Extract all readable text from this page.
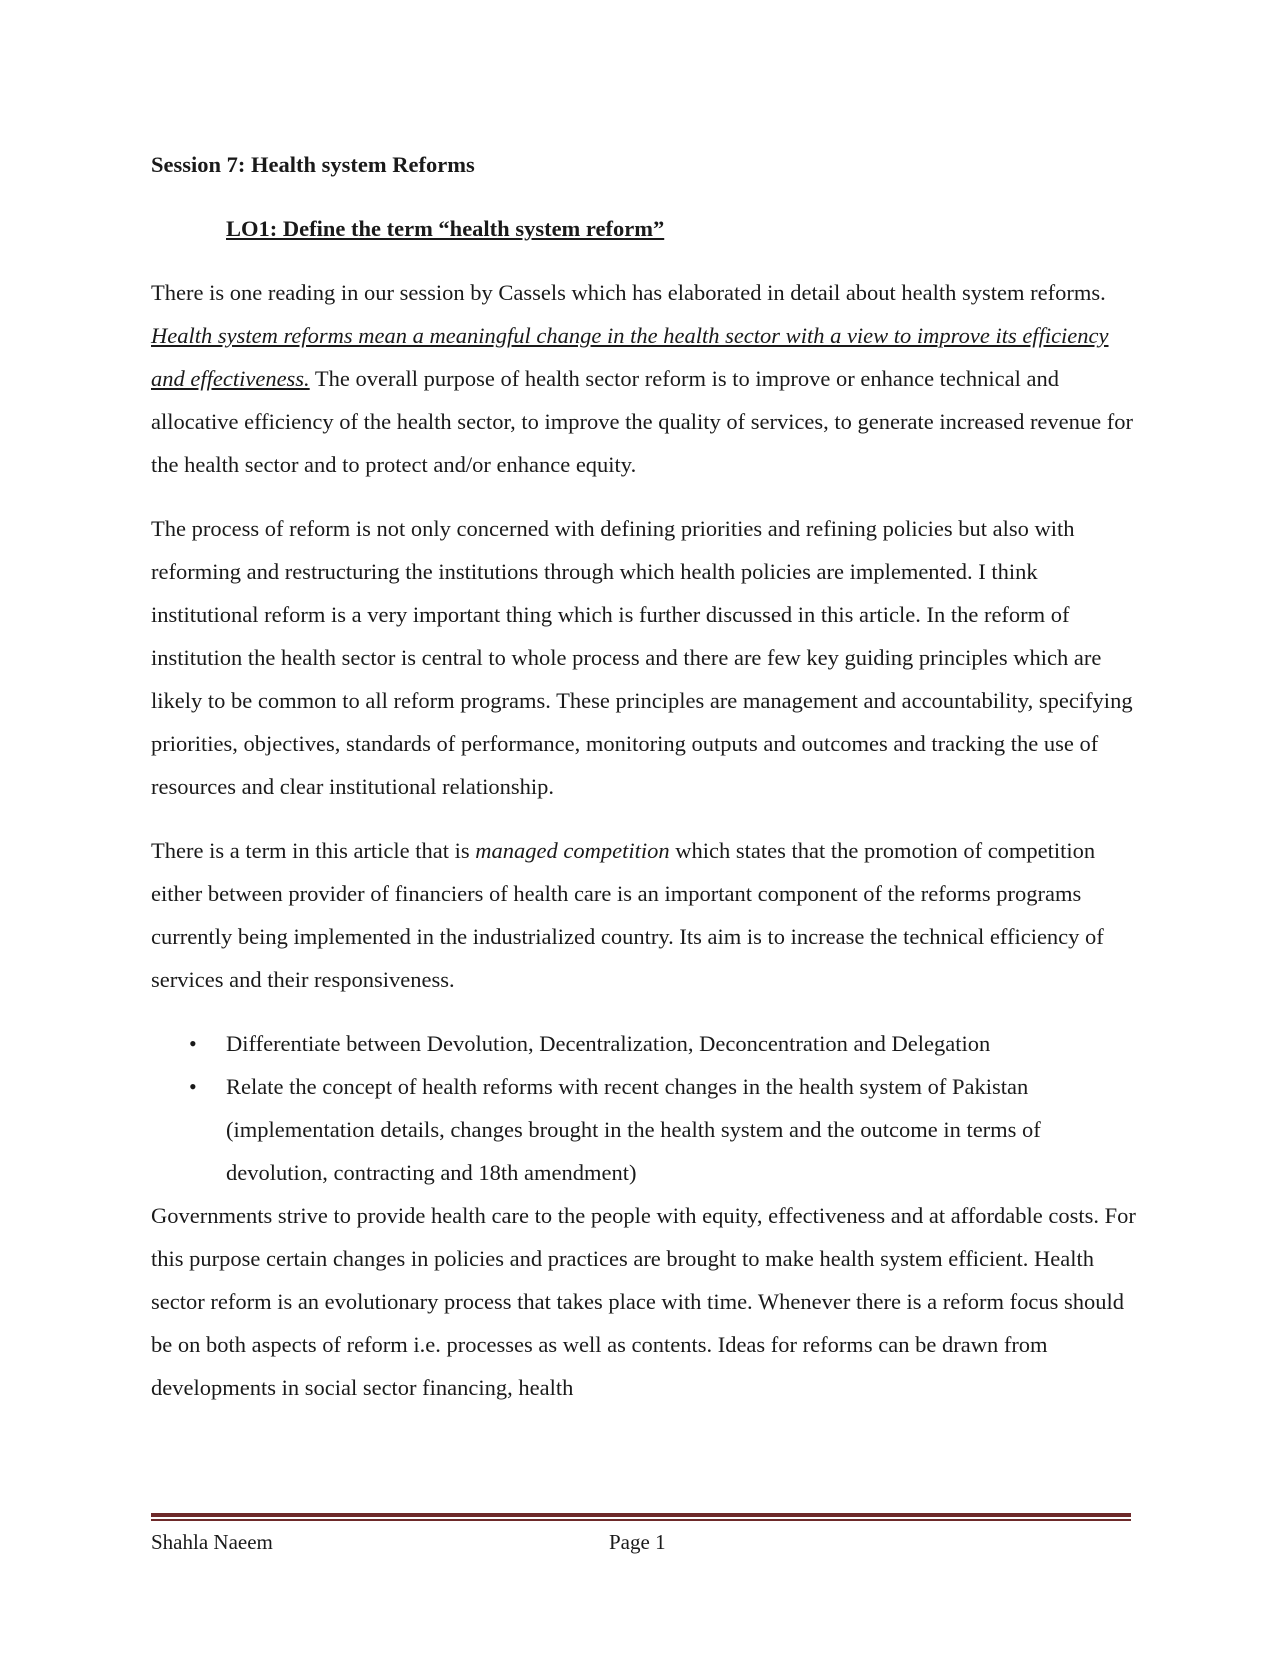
Session 7: Health system Reforms
LO1: Define the term “health system reform”

There is one reading in our session by Cassels which has elaborated in detail about health system reforms. Health system reforms mean a meaningful change in the health sector with a view to improve its efficiency and effectiveness. The overall purpose of health sector reform is to improve or enhance technical and allocative efficiency of the health sector, to improve the quality of services, to generate increased revenue for the health sector and to protect and/or enhance equity.

The process of reform is not only concerned with defining priorities and refining policies but also with reforming and restructuring the institutions through which health policies are implemented. I think institutional reform is a very important thing which is further discussed in this article. In the reform of institution the health sector is central to whole process and there are few key guiding principles which are likely to be common to all reform programs. These principles are management and accountability, specifying priorities, objectives, standards of performance, monitoring outputs and outcomes and tracking the use of resources and clear institutional relationship.

There is a term in this article that is managed competition which states that the promotion of competition either between provider of financiers of health care is an important component of the reforms programs currently being implemented in the industrialized country. Its aim is to increase the technical efficiency of services and their responsiveness.

• Differentiate between Devolution, Decentralization, Deconcentration and Delegation
• Relate the concept of health reforms with recent changes in the health system of Pakistan (implementation details, changes brought in the health system and the outcome in terms of devolution, contracting and 18th amendment)

Governments strive to provide health care to the people with equity, effectiveness and at affordable costs. For this purpose certain changes in policies and practices are brought to make health system efficient. Health sector reform is an evolutionary process that takes place with time. Whenever there is a reform focus should be on both aspects of reform i.e. processes as well as contents. Ideas for reforms can be drawn from developments in social sector financing, health

Shahla Naeem	Page 1
